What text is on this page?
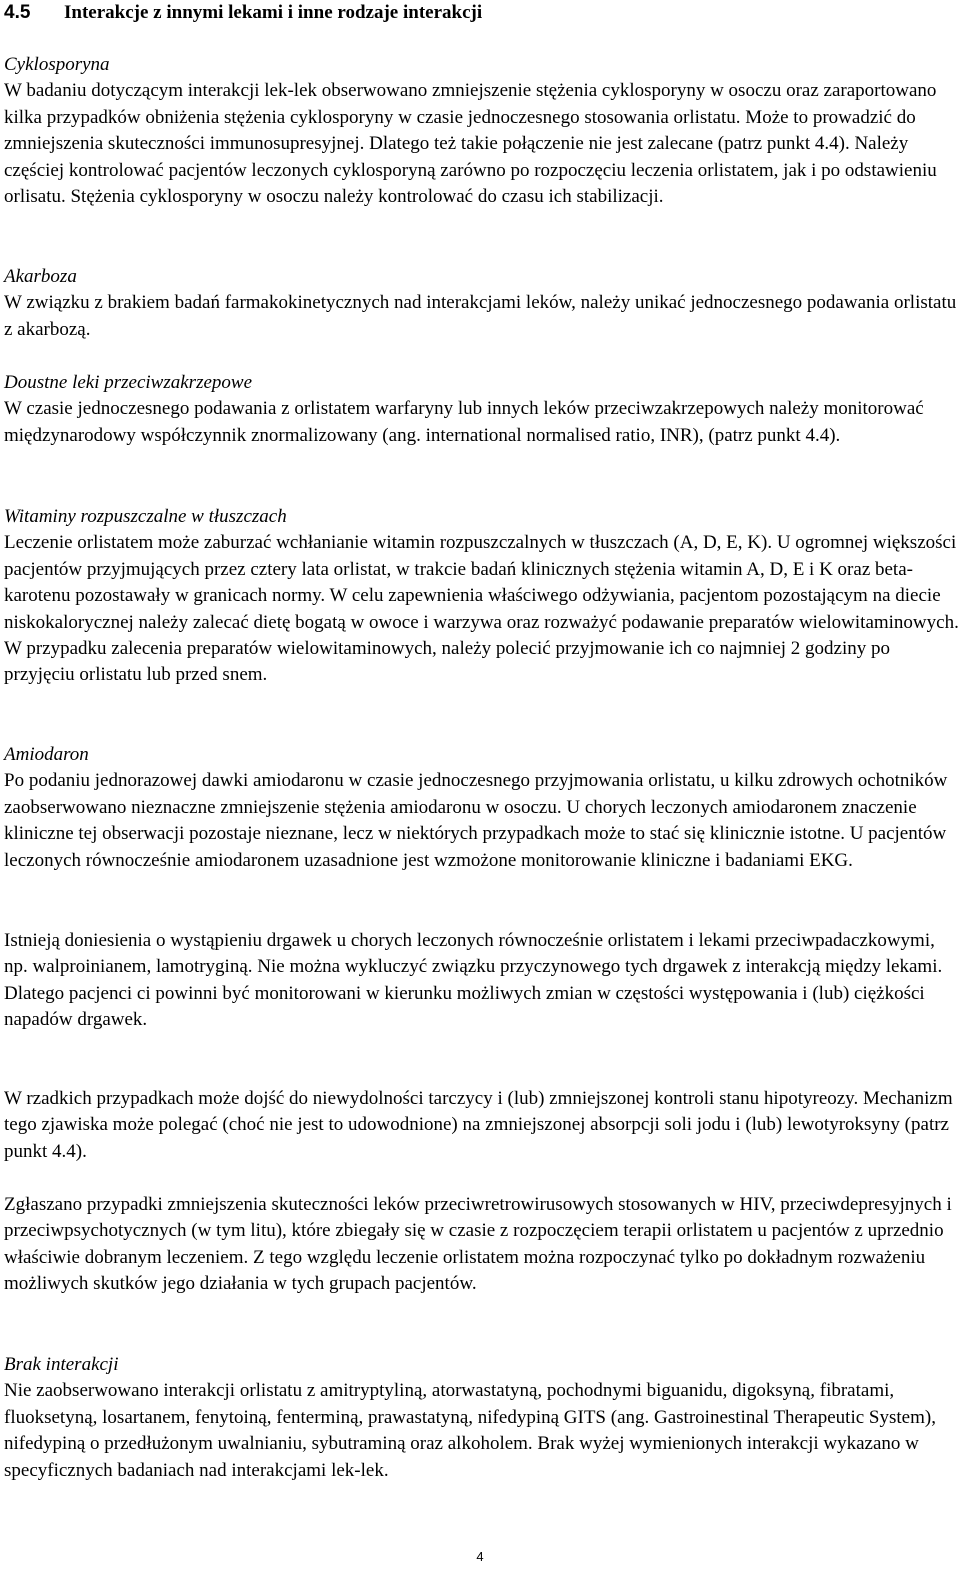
4.5 Interakcje z innymi lekami i inne rodzaje interakcji

Cyklosporyna

W badaniu dotyczącym interakcji lek-lek obserwowano zmniejszenie stężenia cyklosporyny w osoczu oraz zaraportowano kilka przypadków obniżenia stężenia cyklosporyny w czasie jednoczesnego stosowania orlistatu. Może to prowadzić do zmniejszenia skuteczności immunosupresyjnej. Dlatego też takie połączenie nie jest zalecane (patrz punkt 4.4). Należy częściej kontrolować pacjentów leczonych cyklosporyną zarówno po rozpoczęciu leczenia orlistatem, jak i po odstawieniu orlisatu. Stężenia cyklosporyny w osoczu należy kontrolować do czasu ich stabilizacji.

Akarboza

W związku z brakiem badań farmakokinetycznych nad interakcjami leków, należy unikać jednoczesnego podawania orlistatu z akarbozą.

Doustne leki przeciwzakrzepowe

W czasie jednoczesnego podawania z orlistatem warfaryny lub innych leków przeciwzakrzepowych należy monitorować międzynarodowy współczynnik znormalizowany (ang. international normalised ratio, INR), (patrz punkt 4.4).

Witaminy rozpuszczalne w tłuszczach

Leczenie orlistatem może zaburzać wchłanianie witamin rozpuszczalnych w tłuszczach (A, D, E, K). U ogromnej większości pacjentów przyjmujących przez cztery lata orlistat, w trakcie badań klinicznych stężenia witamin A, D, E i K oraz beta-karotenu pozostawały w granicach normy. W celu zapewnienia właściwego odżywiania, pacjentom pozostającym na diecie niskokalorycznej należy zalecać dietę bogatą w owoce i warzywa oraz rozważyć podawanie preparatów wielowitaminowych. W przypadku zalecenia preparatów wielowitaminowych, należy polecić przyjmowanie ich co najmniej 2 godziny po przyjęciu orlistatu lub przed snem.

Amiodaron

Po podaniu jednorazowej dawki amiodaronu w czasie jednoczesnego przyjmowania orlistatu, u kilku zdrowych ochotników zaobserwowano nieznaczne zmniejszenie stężenia amiodaronu w osoczu. U chorych leczonych amiodaronem znaczenie kliniczne tej obserwacji pozostaje nieznane, lecz w niektórych przypadkach może to stać się klinicznie istotne. U pacjentów leczonych równocześnie amiodaronem uzasadnione jest wzmożone monitorowanie kliniczne i badaniami EKG.

Istnieją doniesienia o wystąpieniu drgawek u chorych leczonych równocześnie orlistatem i lekami przeciwpadaczkowymi, np. walproinianem, lamotryginą. Nie można wykluczyć związku przyczynowego tych drgawek z interakcją między lekami. Dlatego pacjenci ci powinni być monitorowani w kierunku możliwych zmian w częstości występowania i (lub) ciężkości napadów drgawek.

W rzadkich przypadkach może dojść do niewydolności tarczycy i (lub) zmniejszonej kontroli stanu hipotyreozy. Mechanizm tego zjawiska może polegać (choć nie jest to udowodnione) na zmniejszonej absorpcji soli jodu i (lub) lewotyroksyny (patrz punkt 4.4).

Zgłaszano przypadki zmniejszenia skuteczności leków przeciwretrowirusowych stosowanych w HIV, przeciwdepresyjnych i przeciwpsychotycznych (w tym litu), które zbiegały się w czasie z rozpoczęciem terapii orlistatem u pacjentów z uprzednio właściwie dobranym leczeniem. Z tego względu leczenie orlistatem można rozpoczynać tylko po dokładnym rozważeniu możliwych skutków jego działania w tych grupach pacjentów.

Brak interakcji

Nie zaobserwowano interakcji orlistatu z amitryptyliną, atorwastatyną, pochodnymi biguanidu, digoksyną, fibratami, fluoksetyną, losartanem, fenytoiną, fenterminą, prawastatyną, nifedypiną GITS (ang. Gastroinestinal Therapeutic System), nifedypiną o przedłużonym uwalnianiu, sybutraminą oraz alkoholem. Brak wyżej wymienionych interakcji wykazano w specyficznych badaniach nad interakcjami lek-lek.

4
